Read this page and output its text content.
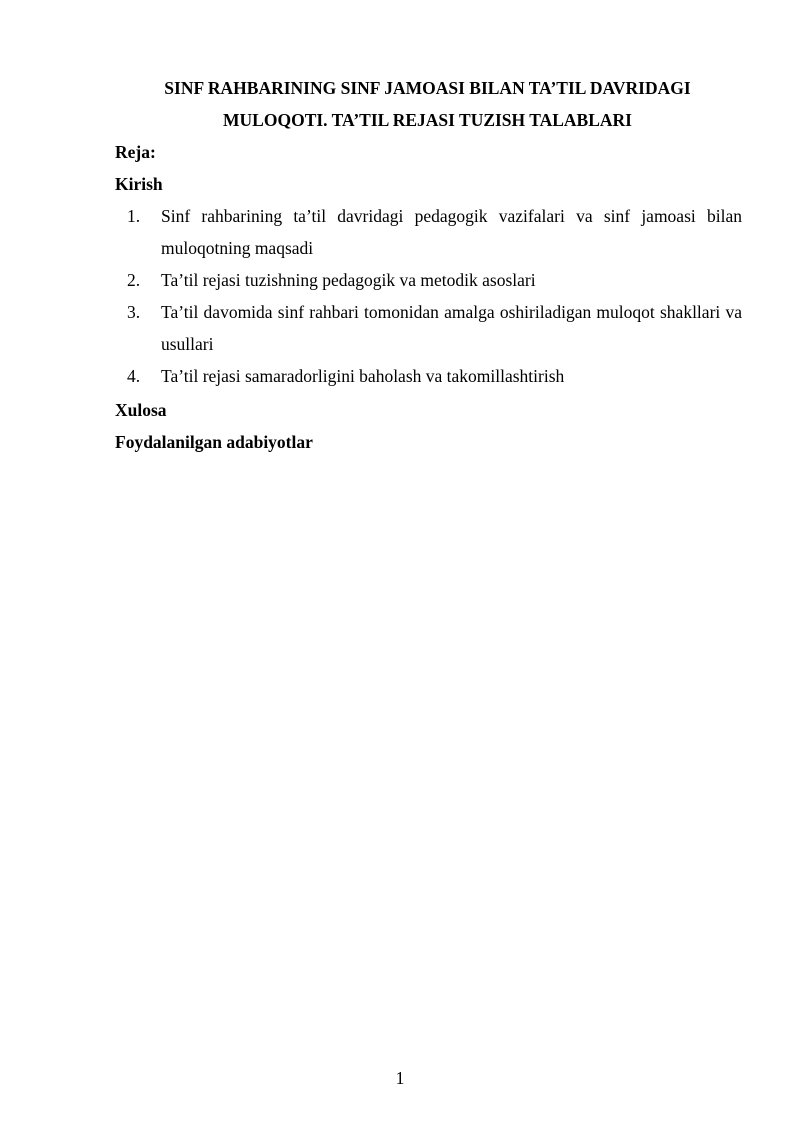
SINF RAHBARINING SINF JAMOASI BILAN TA’TIL DAVRIDAGI
MULOQOTI. TA’TIL REJASI TUZISH TALABLARI
Reja:
Kirish
1. Sinf rahbarining ta’til davridagi pedagogik vazifalari va sinf jamoasi bilan muloqotning maqsadi
2. Ta’til rejasi tuzishning pedagogik va metodik asoslari
3. Ta’til davomida sinf rahbari tomonidan amalga oshiriladigan muloqot shakllari va usullari
4. Ta’til rejasi samaradorligini baholash va takomillashtirish
Xulosa
Foydalanilgan adabiyotlar
1
